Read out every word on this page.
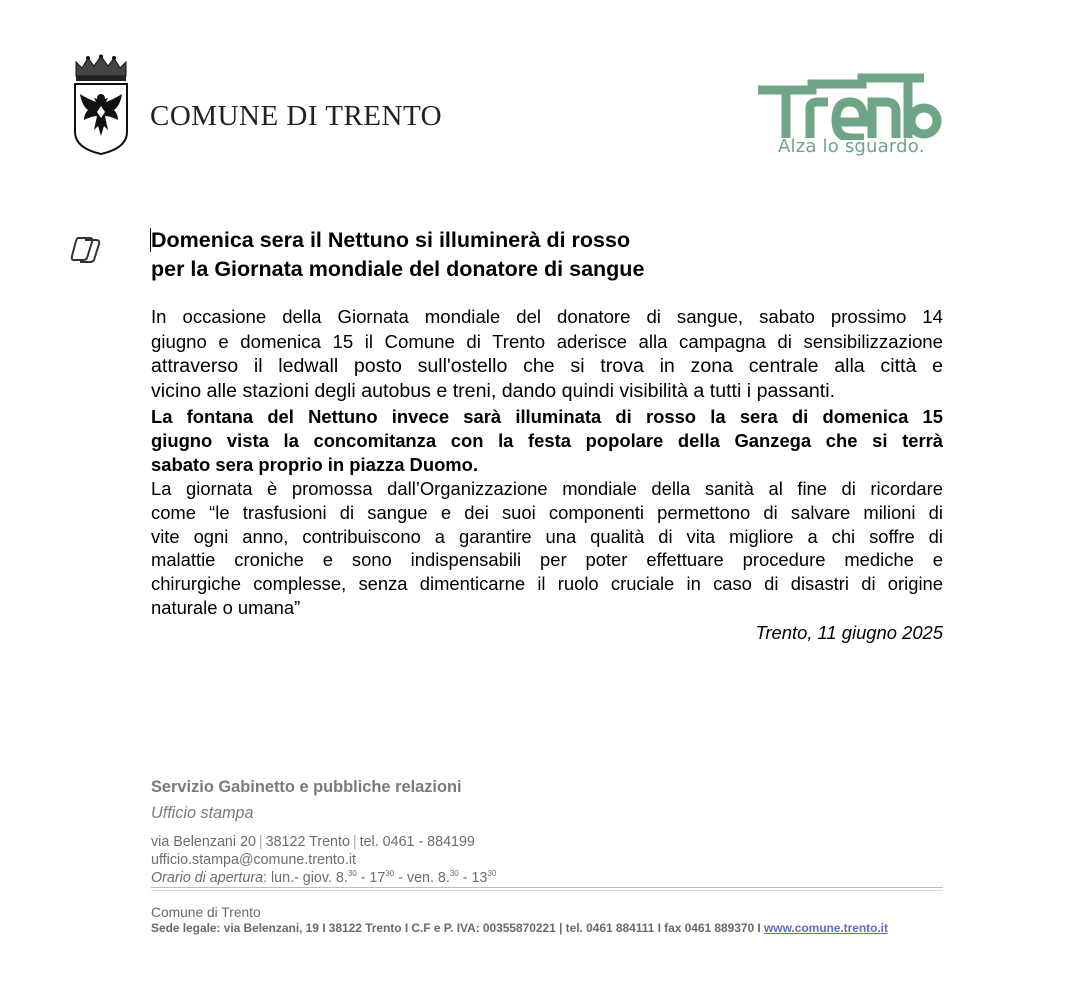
COMUNE DI TRENTO
Alza lo sguardo.
Domenica sera il Nettuno si illuminerà di rosso
per la Giornata mondiale del donatore di sangue
In occasione della Giornata mondiale del donatore di sangue, sabato prossimo 14
giugno e domenica 15 il Comune di Trento aderisce alla campagna di sensibilizzazione
attraverso il ledwall posto sull'ostello che si trova in zona centrale alla città e
vicino alle stazioni degli autobus e treni, dando quindi visibilità a tutti i passanti.
La fontana del Nettuno invece sarà illuminata di rosso la sera di domenica 15
giugno vista la concomitanza con la festa popolare della Ganzega che si terrà
sabato sera proprio in piazza Duomo.
La giornata è promossa dall’Organizzazione mondiale della sanità al fine di ricordare
come “le trasfusioni di sangue e dei suoi componenti permettono di salvare milioni di
vite ogni anno, contribuiscono a garantire una qualità di vita migliore a chi soffre di
malattie croniche e sono indispensabili per poter effettuare procedure mediche e
chirurgiche complesse, senza dimenticarne il ruolo cruciale in caso di disastri di origine
naturale o umana”
Trento, 11 giugno 2025
Servizio Gabinetto e pubbliche relazioni
Ufficio stampa
via Belenzani 20 | 38122 Trento | tel. 0461 - 884199
ufficio.stampa@comune.trento.it
Orario di apertura: lun.- giov. $8.30 - 17^{30}$ - ven. $8.30 - 13^{30}$
Comune di Trento
Sede legale: via Belenzani, 19 I 38122 Trento I C.F e P. IVA: 00355870221 | tel. 0461 884111 I fax 0461 889370 I www.comune.trento.it
